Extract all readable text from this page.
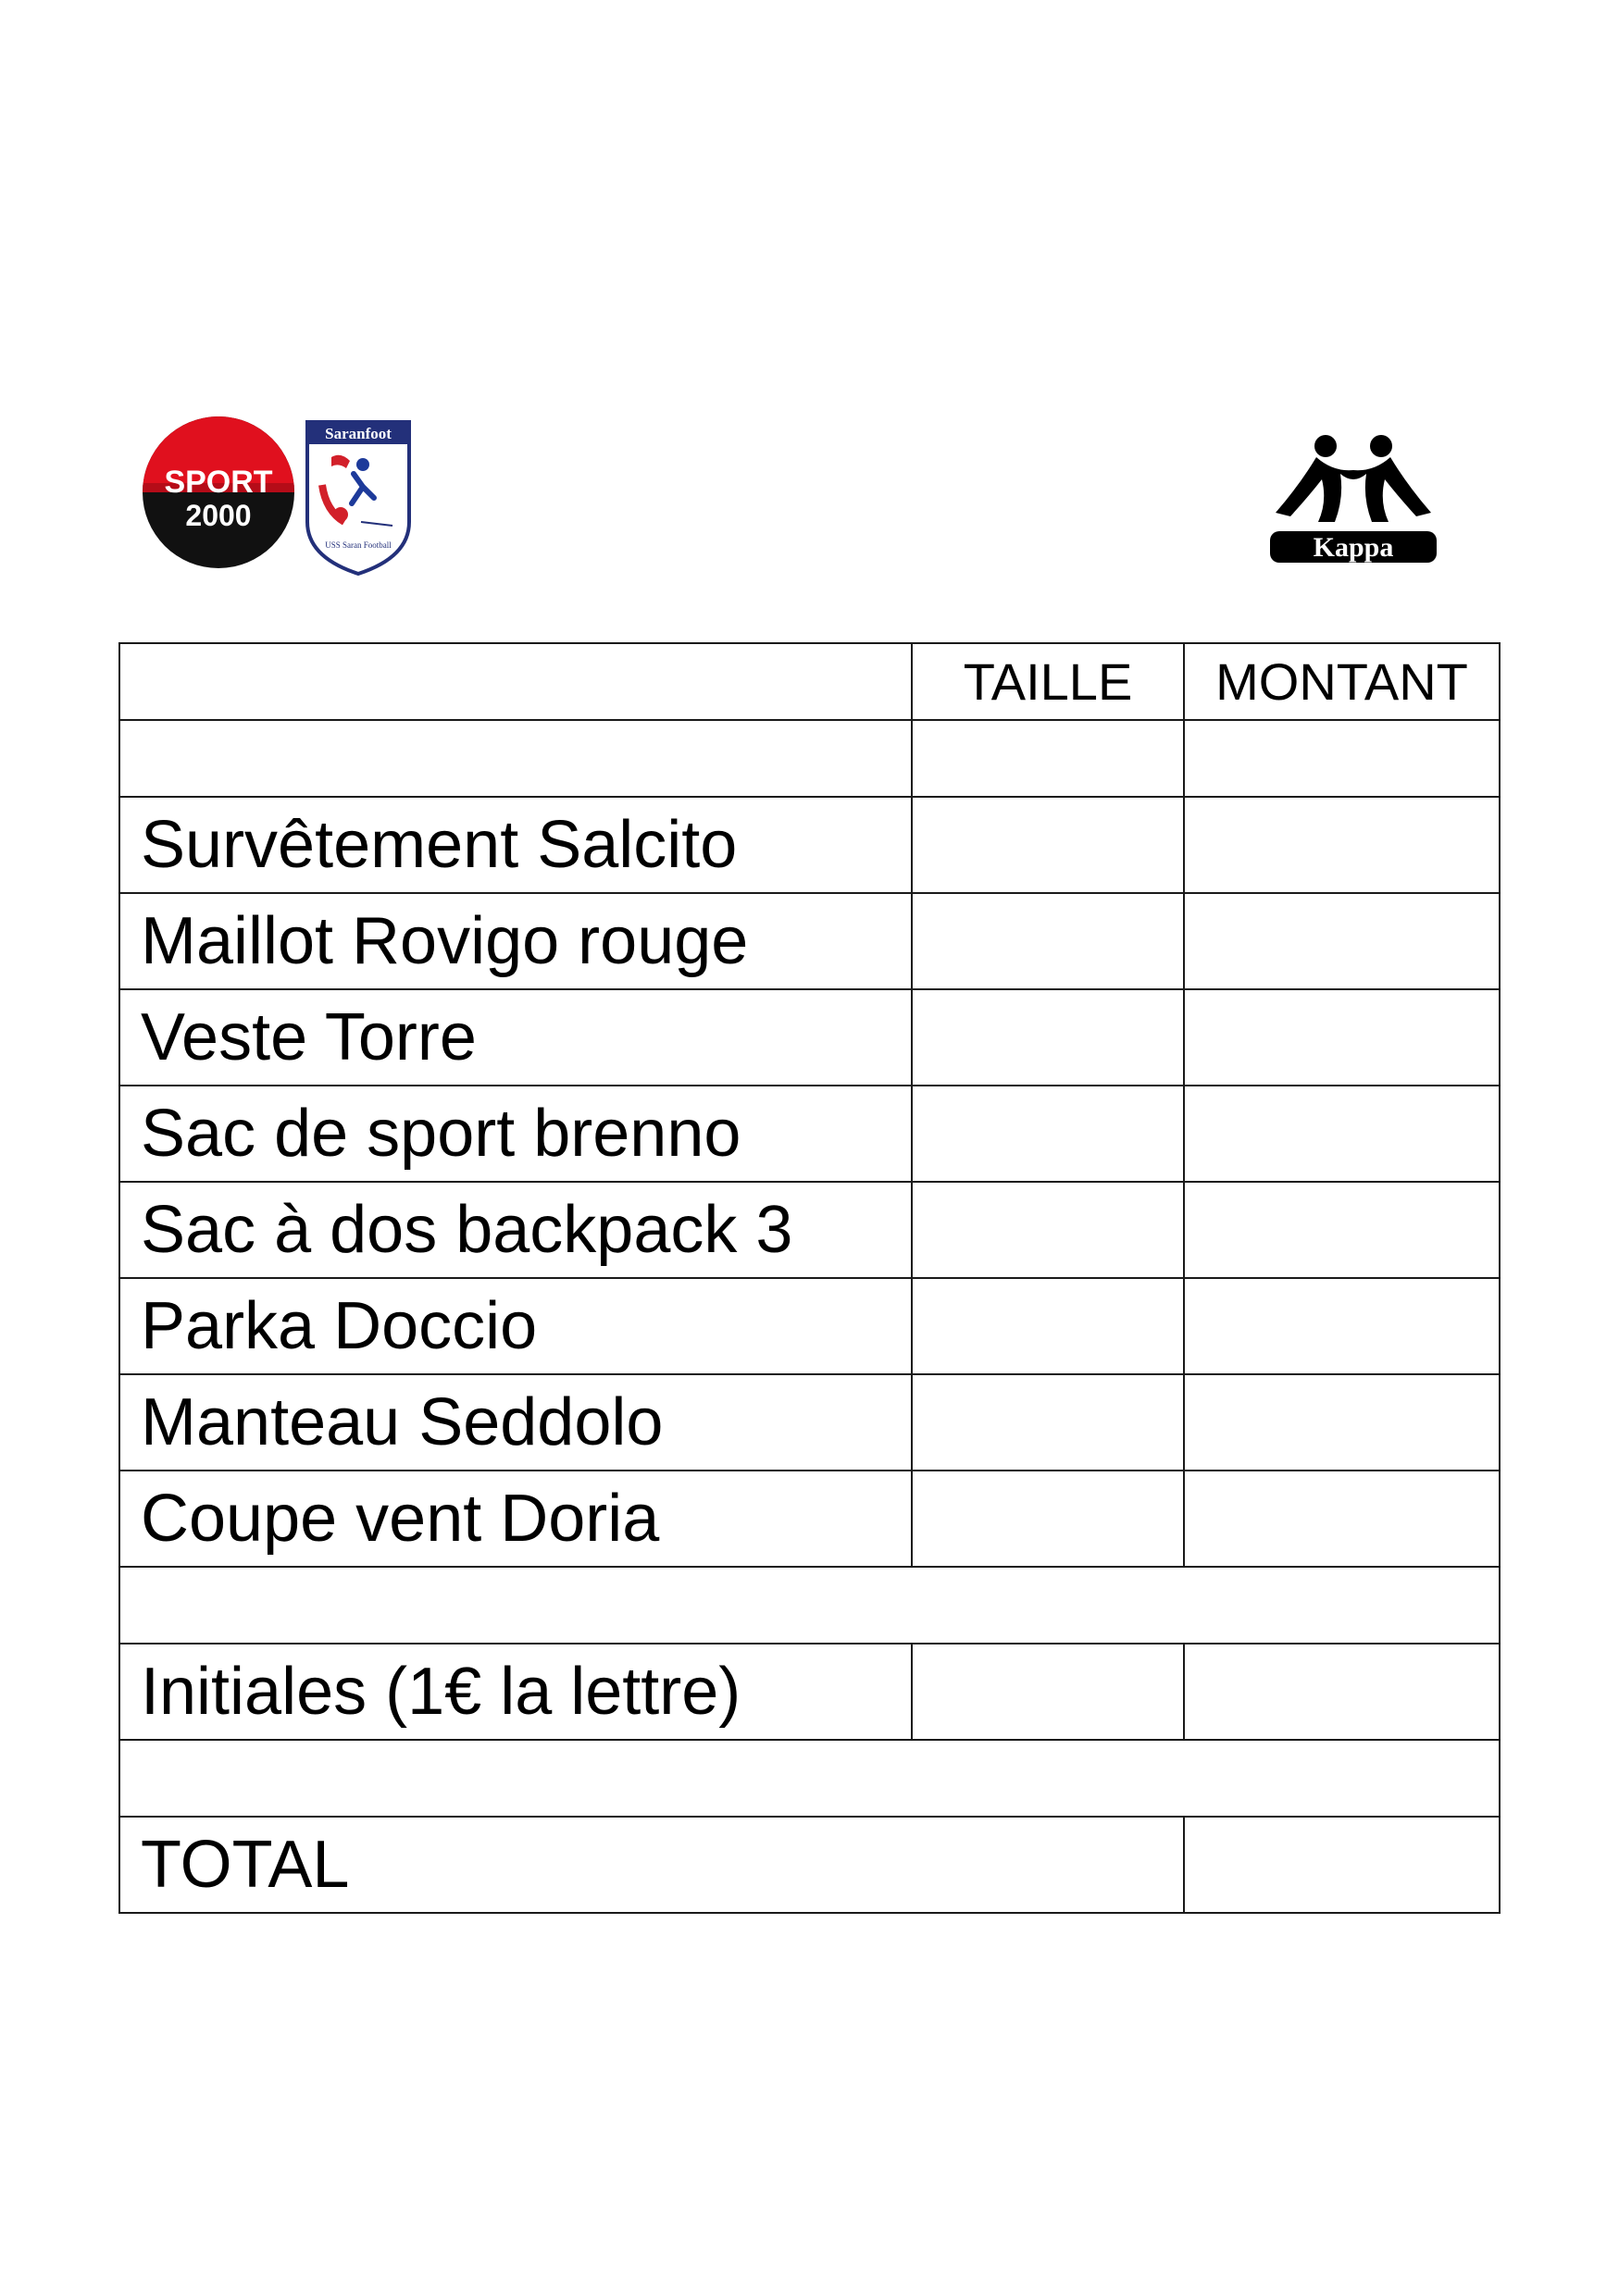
SPORT
2000
Saranfoot
USS Saran Football	Kappa
	TAILLE	MONTANT

Survêtement Salcito		
Maillot Rovigo rouge		
Veste Torre		
Sac de sport brenno		
Sac à dos backpack 3		
Parka Doccio		
Manteau Seddolo		
Coupe vent Doria		

Initiales (1€ la lettre)		

TOTAL		
